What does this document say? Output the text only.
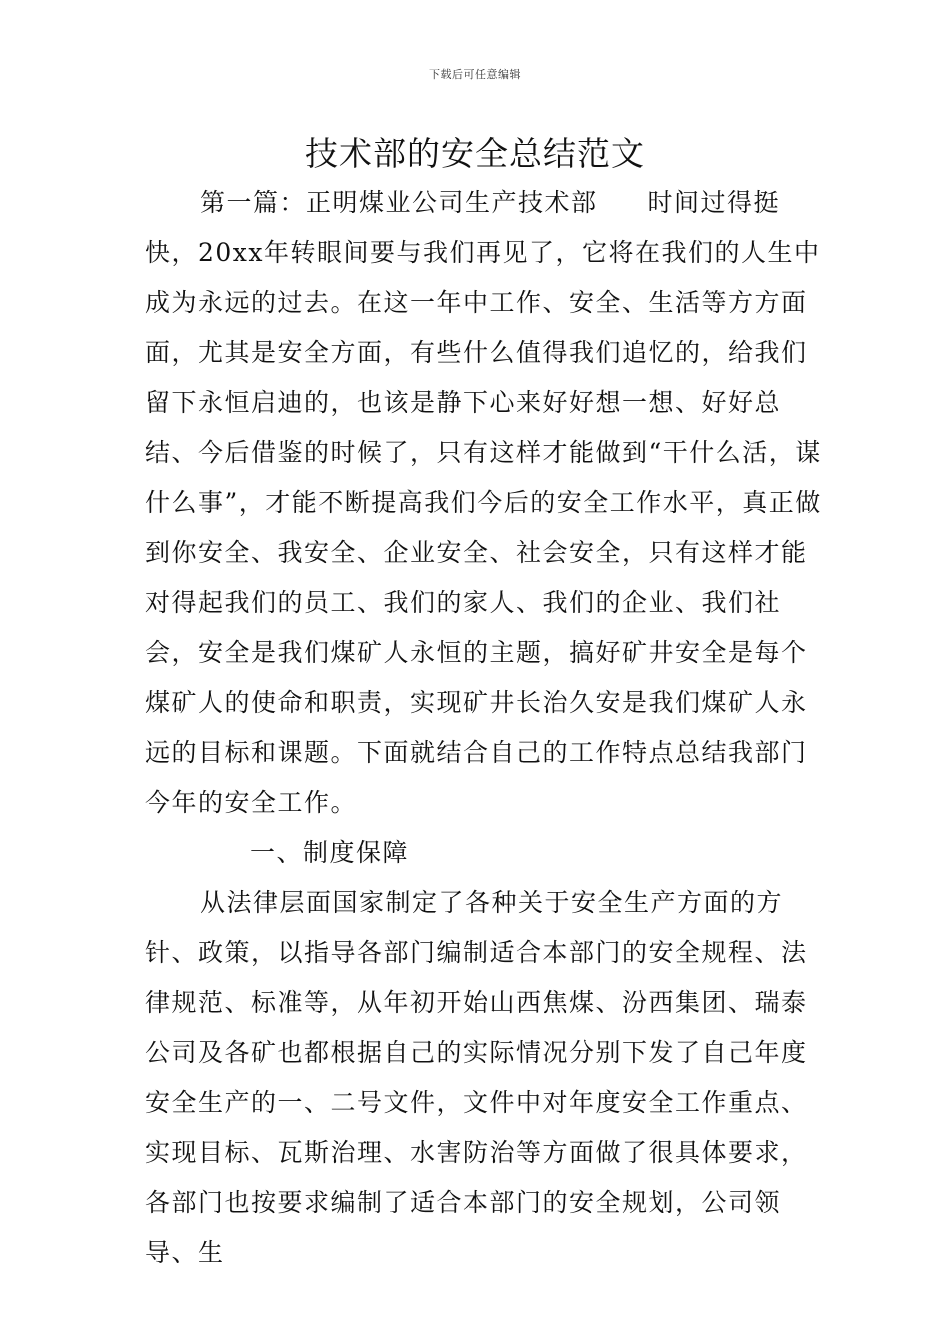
下载后可任意编辑
技术部的安全总结范文

第一篇：正明煤业公司生产技术部 时间过得挺快，20xx年转眼间要与我们再见了，它将在我们的人生中成为永远的过去。在这一年中工作、安全、生活等方方面面，尤其是安全方面，有些什么值得我们追忆的，给我们留下永恒启迪的，也该是静下心来好好想一想、好好总结、今后借鉴的时候了，只有这样才能做到“干什么活，谋什么事”，才能不断提高我们今后的安全工作水平，真正做到你安全、我安全、企业安全、社会安全，只有这样才能对得起我们的员工、我们的家人、我们的企业、我们社会，安全是我们煤矿人永恒的主题，搞好矿井安全是每个煤矿人的使命和职责，实现矿井长治久安是我们煤矿人永远的目标和课题。下面就结合自己的工作特点总结我部门今年的安全工作。

一、制度保障

从法律层面国家制定了各种关于安全生产方面的方针、政策，以指导各部门编制适合本部门的安全规程、法律规范、标准等，从年初开始山西焦煤、汾西集团、瑞泰公司及各矿也都根据自己的实际情况分别下发了自己年度安全生产的一、二号文件，文件中对年度安全工作重点、实现目标、瓦斯治理、水害防治等方面做了很具体要求，各部门也按要求编制了适合本部门的安全规划，公司领导、生
